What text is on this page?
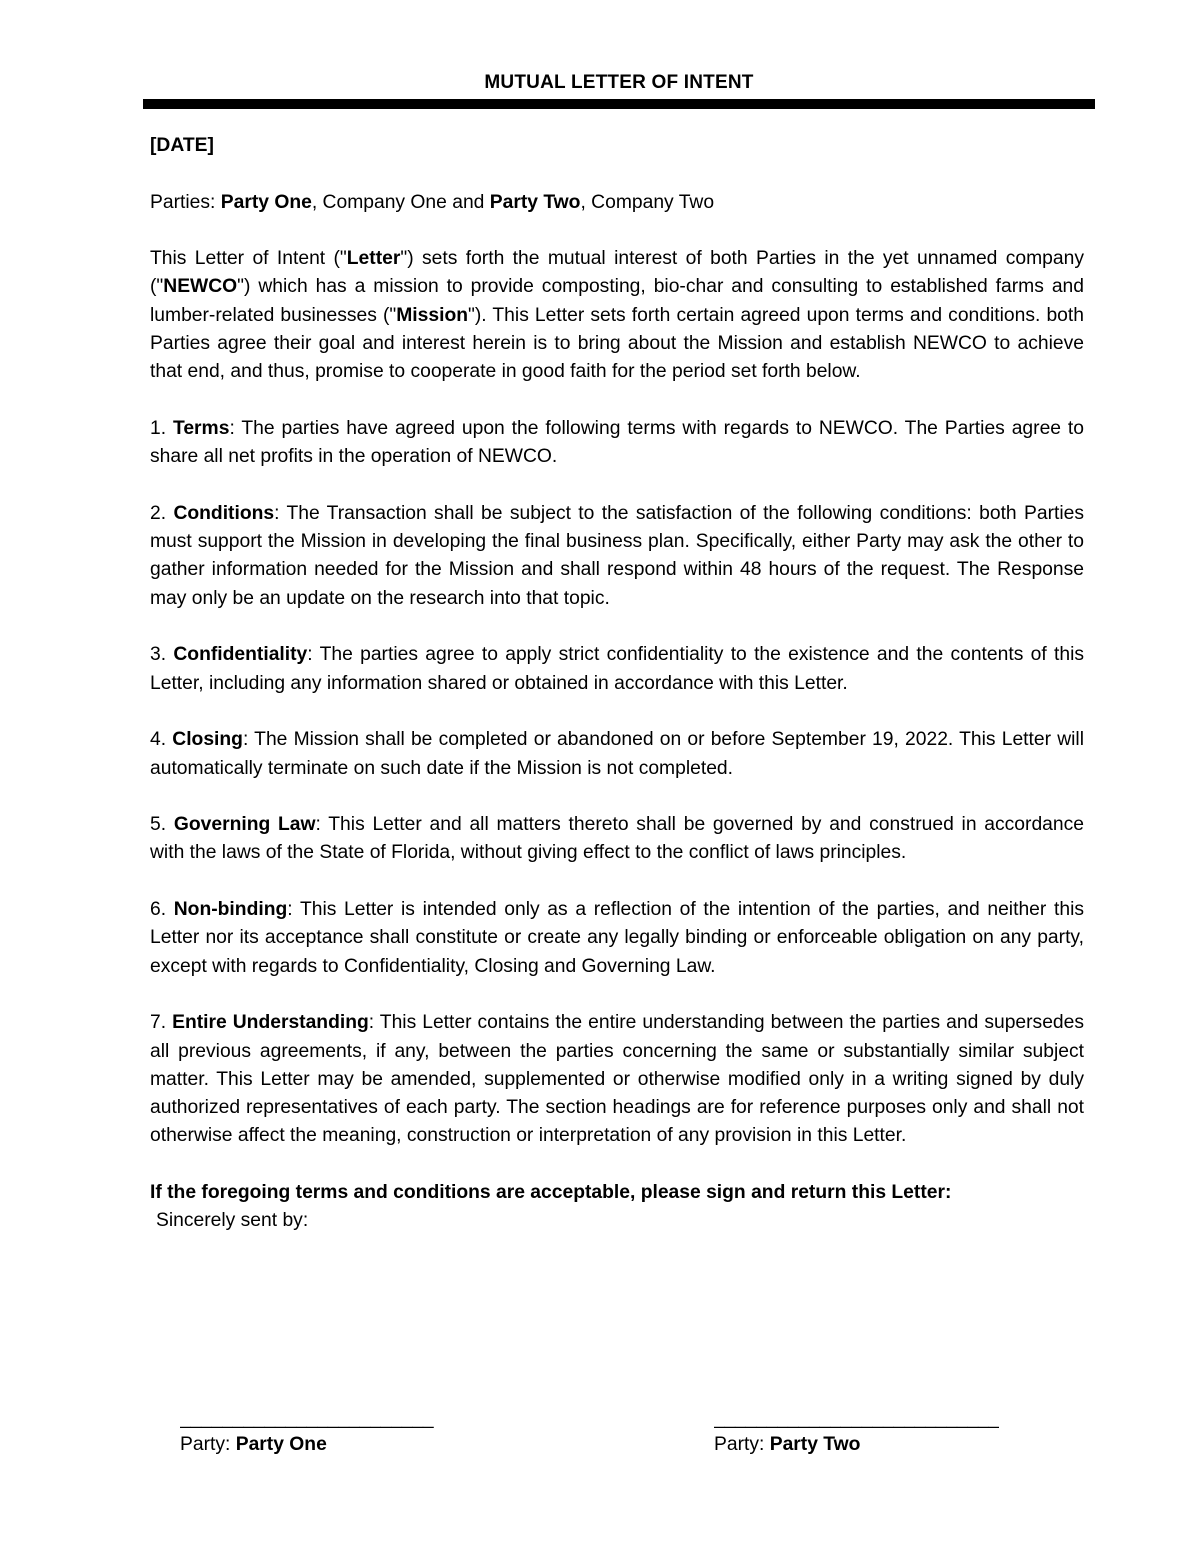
MUTUAL LETTER OF INTENT

[DATE]

Parties: Party One, Company One and Party Two, Company Two

This Letter of Intent ("Letter") sets forth the mutual interest of both Parties in the yet unnamed company ("NEWCO") which has a mission to provide composting, bio-char and consulting to established farms and lumber-related businesses ("Mission"). This Letter sets forth certain agreed upon terms and conditions. both Parties agree their goal and interest herein is to bring about the Mission and establish NEWCO to achieve that end, and thus, promise to cooperate in good faith for the period set forth below.

1. Terms: The parties have agreed upon the following terms with regards to NEWCO. The Parties agree to share all net profits in the operation of NEWCO.

2. Conditions: The Transaction shall be subject to the satisfaction of the following conditions: both Parties must support the Mission in developing the final business plan. Specifically, either Party may ask the other to gather information needed for the Mission and shall respond within 48 hours of the request. The Response may only be an update on the research into that topic.

3. Confidentiality: The parties agree to apply strict confidentiality to the existence and the contents of this Letter, including any information shared or obtained in accordance with this Letter.

4. Closing: The Mission shall be completed or abandoned on or before September 19, 2022. This Letter will automatically terminate on such date if the Mission is not completed.

5. Governing Law: This Letter and all matters thereto shall be governed by and construed in accordance with the laws of the State of Florida, without giving effect to the conflict of laws principles.

6. Non-binding: This Letter is intended only as a reflection of the intention of the parties, and neither this Letter nor its acceptance shall constitute or create any legally binding or enforceable obligation on any party, except with regards to Confidentiality, Closing and Governing Law.

7. Entire Understanding: This Letter contains the entire understanding between the parties and supersedes all previous agreements, if any, between the parties concerning the same or substantially similar subject matter. This Letter may be amended, supplemented or otherwise modified only in a writing signed by duly authorized representatives of each party. The section headings are for reference purposes only and shall not otherwise affect the meaning, construction or interpretation of any provision in this Letter.

If the foregoing terms and conditions are acceptable, please sign and return this Letter:

Sincerely sent by:

________________________
Party: Party One
___________________________
Party: Party Two
